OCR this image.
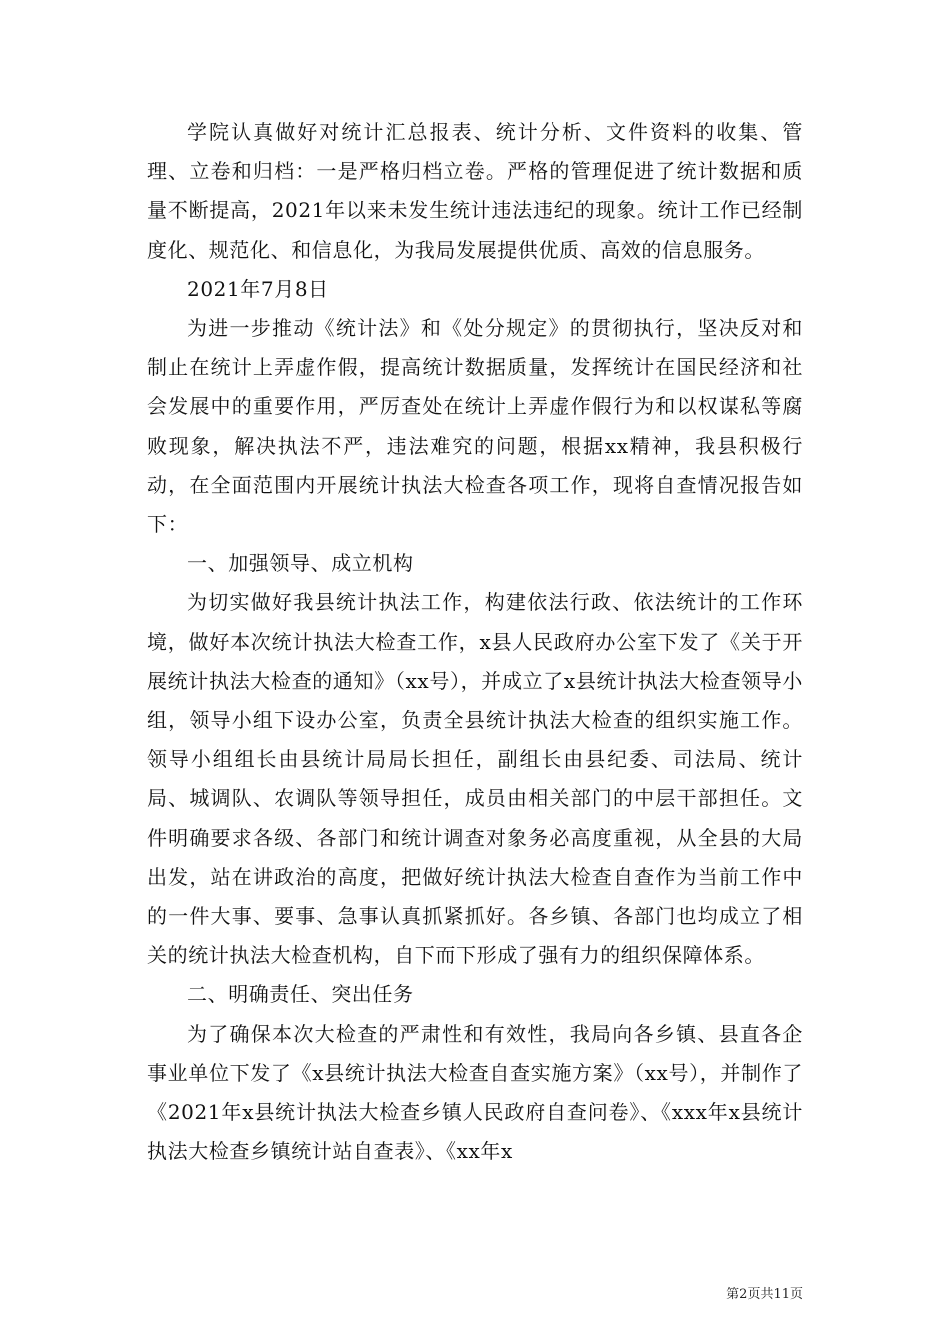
学院认真做好对统计汇总报表、统计分析、文件资料的收集、管理、立卷和归档：一是严格归档立卷。严格的管理促进了统计数据和质量不断提高，2021年以来未发生统计违法违纪的现象。统计工作已经制度化、规范化、和信息化，为我局发展提供优质、高效的信息服务。

2021年7月8日

为进一步推动《统计法》和《处分规定》的贯彻执行，坚决反对和制止在统计上弄虚作假，提高统计数据质量，发挥统计在国民经济和社会发展中的重要作用，严厉查处在统计上弄虚作假行为和以权谋私等腐败现象，解决执法不严，违法难究的问题，根据xx精神，我县积极行动，在全面范围内开展统计执法大检查各项工作，现将自查情况报告如下：

一、加强领导、成立机构

为切实做好我县统计执法工作，构建依法行政、依法统计的工作环境，做好本次统计执法大检查工作，x县人民政府办公室下发了《关于开展统计执法大检查的通知》（xx号），并成立了x县统计执法大检查领导小组，领导小组下设办公室，负责全县统计执法大检查的组织实施工作。领导小组组长由县统计局局长担任，副组长由县纪委、司法局、统计局、城调队、农调队等领导担任，成员由相关部门的中层干部担任。文件明确要求各级、各部门和统计调查对象务必高度重视，从全县的大局出发，站在讲政治的高度，把做好统计执法大检查自查作为当前工作中的一件大事、要事、急事认真抓紧抓好。各乡镇、各部门也均成立了相关的统计执法大检查机构，自下而下形成了强有力的组织保障体系。

二、明确责任、突出任务

为了确保本次大检查的严肃性和有效性，我局向各乡镇、县直各企事业单位下发了《x县统计执法大检查自查实施方案》（xx号），并制作了《2021年x县统计执法大检查乡镇人民政府自查问卷》、《xxx年x县统计执法大检查乡镇统计站自查表》、《xx年x

第2页共11页
